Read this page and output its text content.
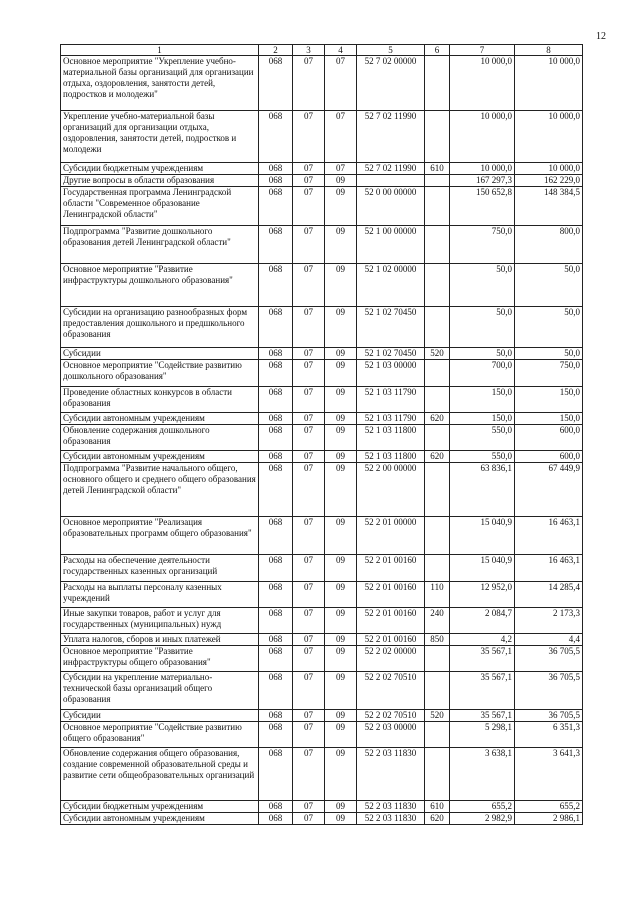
12
1	2	3	4	5	6	7	8
Основное мероприятие "Укрепление учебно-материальной базы организаций для организации отдыха, оздоровления, занятости детей, подростков и молодежи"	068	07	07	52 7 02 00000		10 000,0	10 000,0
Укрепление учебно-материальной базы организаций для организации отдыха, оздоровления, занятости детей, подростков и молодежи	068	07	07	52 7 02 11990		10 000,0	10 000,0
Субсидии бюджетным учреждениям	068	07	07	52 7 02 11990	610	10 000,0	10 000,0
Другие вопросы в области образования	068	07	09			167 297,3	162 229,0
Государственная программа Ленинградской области "Современное образование Ленинградской области"	068	07	09	52 0 00 00000		150 652,8	148 384,5
Подпрограмма "Развитие дошкольного образования детей Ленинградской области"	068	07	09	52 1 00 00000		750,0	800,0
Основное мероприятие "Развитие инфраструктуры дошкольного образования"	068	07	09	52 1 02 00000		50,0	50,0
Субсидии на организацию разнообразных форм предоставления дошкольного и предшкольного образования	068	07	09	52 1 02 70450		50,0	50,0
Субсидии	068	07	09	52 1 02 70450	520	50,0	50,0
Основное мероприятие "Содействие развитию дошкольного образования"	068	07	09	52 1 03 00000		700,0	750,0
Проведение областных конкурсов в области образования	068	07	09	52 1 03 11790		150,0	150,0
Субсидии автономным учреждениям	068	07	09	52 1 03 11790	620	150,0	150,0
Обновление содержания дошкольного образования	068	07	09	52 1 03 11800		550,0	600,0
Субсидии автономным учреждениям	068	07	09	52 1 03 11800	620	550,0	600,0
Подпрограмма "Развитие начального общего, основного общего и среднего общего образования детей Ленинградской области"	068	07	09	52 2 00 00000		63 836,1	67 449,9
Основное мероприятие "Реализация образовательных программ общего образования"	068	07	09	52 2 01 00000		15 040,9	16 463,1
Расходы на обеспечение деятельности государственных казенных организаций	068	07	09	52 2 01 00160		15 040,9	16 463,1
Расходы на выплаты персоналу казенных учреждений	068	07	09	52 2 01 00160	110	12 952,0	14 285,4
Иные закупки товаров, работ и услуг для государственных (муниципальных) нужд	068	07	09	52 2 01 00160	240	2 084,7	2 173,3
Уплата налогов, сборов и иных платежей	068	07	09	52 2 01 00160	850	4,2	4,4
Основное мероприятие "Развитие инфраструктуры общего образования"	068	07	09	52 2 02 00000		35 567,1	36 705,5
Субсидии на укрепление материально-технической базы организаций общего образования	068	07	09	52 2 02 70510		35 567,1	36 705,5
Субсидии	068	07	09	52 2 02 70510	520	35 567,1	36 705,5
Основное мероприятие "Содействие развитию общего образования"	068	07	09	52 2 03 00000		5 298,1	6 351,3
Обновление содержания общего образования, создание современной образовательной среды и развитие сети общеобразовательных организаций	068	07	09	52 2 03 11830		3 638,1	3 641,3
Субсидии бюджетным учреждениям	068	07	09	52 2 03 11830	610	655,2	655,2
Субсидии автономным учреждениям	068	07	09	52 2 03 11830	620	2 982,9	2 986,1
